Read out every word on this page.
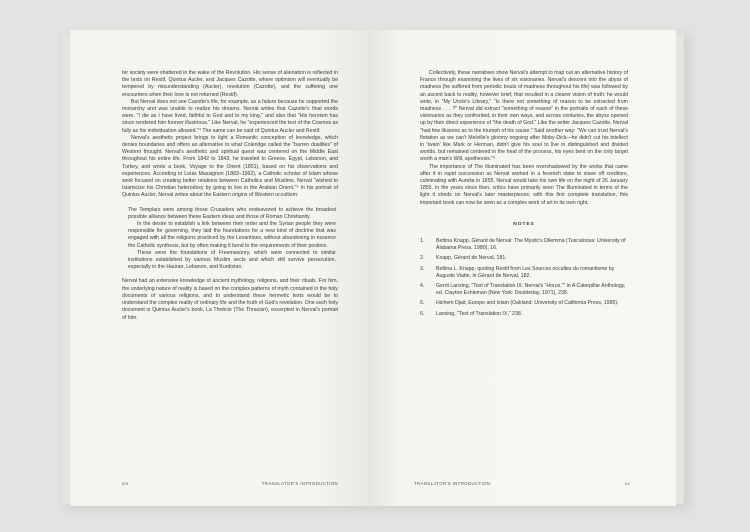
ter society were shattered in the wake of the Revolution. His sense of alienation is reflected in the texts on Restif, Quintus Aucler, and Jacques Cazotte, where optimism will eventually be tempered by misunderstanding (Aucler), revolution (Cazotte), and the suffering one encounters when their love is not returned (Restif).

But Nerval does not see Cazotte's life, for example, as a failure because he supported the monarchy and was unable to realize his dreams. Nerval writes that Cazotte's final words were, "I die as I have lived, faithful to God and to my king," and also that "His heroism has since rendered him forever illustrious." Like Nerval, he "experienced the text of the Cosmos as fully as his individuation allowed."⁴ The same can be said of Quintus Aucler and Restif.

Nerval's aesthetic project brings to light a Romantic conception of knowledge, which denies boundaries and offers an alternative to what Coleridge called the "barren dualities" of Western thought. Nerval's aesthetic and spiritual quest was centered on the Middle East throughout his entire life. From 1842 to 1843, he traveled to Greece, Egypt, Lebanon, and Turkey, and wrote a book, Voyage to the Orient (1851), based on his observations and experiences. According to Louis Massignon (1883–1962), a Catholic scholar of Islam whose work focused on creating better relations between Catholics and Muslims, Nerval "wished to Islamicize his Christian heterodoxy by going to live in the Arabian Orient."⁵ In his portrait of Quintus Aucler, Nerval writes about the Eastern origins of Western occultism:

The Templars were among those Crusaders who endeavored to achieve the broadest possible alliance between these Eastern ideas and those of Roman Christianity.

In the desire to establish a link between their order and the Syrian people they were responsible for governing, they laid the foundations for a new kind of doctrine that was engaged with all the religions practiced by the Levantines, without abandoning in essence the Catholic synthesis, but by often making it bend to the requirements of their position.

These were the foundations of Freemasonry, which were connected to similar institutions established by various Muslim sects and which still survive persecution, especially in the Hauran, Lebanon, and Kurdistan.

Nerval had an extensive knowledge of ancient mythology, religions, and their rituals. For him, the underlying nature of reality is based on the complex patterns of myth contained in the holy documents of various religions, and to understand these hermetic texts would be to understand the complex reality of ordinary life and the truth of God's revelation. One such holy document is Quintus Aucler's book, La Thréicie (The Thracian), excerpted in Nerval's portrait of him.

xiv	TRANSLATOR'S INTRODUCTION

Collectively, these narratives show Nerval's attempt to map out an alternative history of France through examining the lives of six visionaries. Nerval's descent into the abyss of madness (he suffered from periodic bouts of madness throughout his life) was followed by an ascent back to reality, however brief, that resulted in a clearer vision of truth: he would write, in "My Uncle's Library," "Is there not something of reason to be extracted from madness . . . ?" Nerval did extract "something of reason" in the portraits of each of these visionaries as they confronted, in their own ways, and across centuries, the abyss opened up by their direct experience of "the death of God." Like the writer Jacques Cazotte, Nerval "had few illusions as to the triumph of his cause." Said another way: "We can trust Nerval's flotation as we can't Melville's gloomy ongoing after Moby-Dick—he didn't cut his intellect in 'twain' like Mark or Herman, didn't give his soul to live in distinguished and divided worlds, but remained centered in the heat of the process, his eyes bent on the only target worth a man's Will, apotheosis."⁶

The importance of The Illuminated has been overshadowed by the works that came after it in rapid succession as Nerval worked in a feverish state to stave off creditors, culminating with Aurelia in 1855. Nerval would take his own life on the night of 26 January 1855. In the years since then, critics have primarily seen The Illuminated in terms of the light it sheds on Nerval's later masterpieces; with this first complete translation, this important book can now be seen as a complex work of art in its own right.

NOTES
1.	Bettina Knapp, Gérard de Nerval: The Mystic's Dilemma (Tuscaloosa: University of Alabama Press, 1980), 16.
2.	Knapp, Gérard de Nerval, 181.
3.	Bettina L. Knapp, quoting Restif from Les Sources occultes du romantisme by Auguste Viatte, in Gérard de Nerval, 182.
4.	Gerrit Lansing, "Test of Translation IX: Nerval's “Horus,”" in A Caterpillar Anthology, ed. Clayton Eshleman (New York: Doubleday, 1971), 238.
5.	Hichem Djait, Europe and Islam (Oakland: University of California Press, 1985).
6.	Lansing, "Test of Translation IX," 238.
TRANSLATOR'S INTRODUCTION	xv
